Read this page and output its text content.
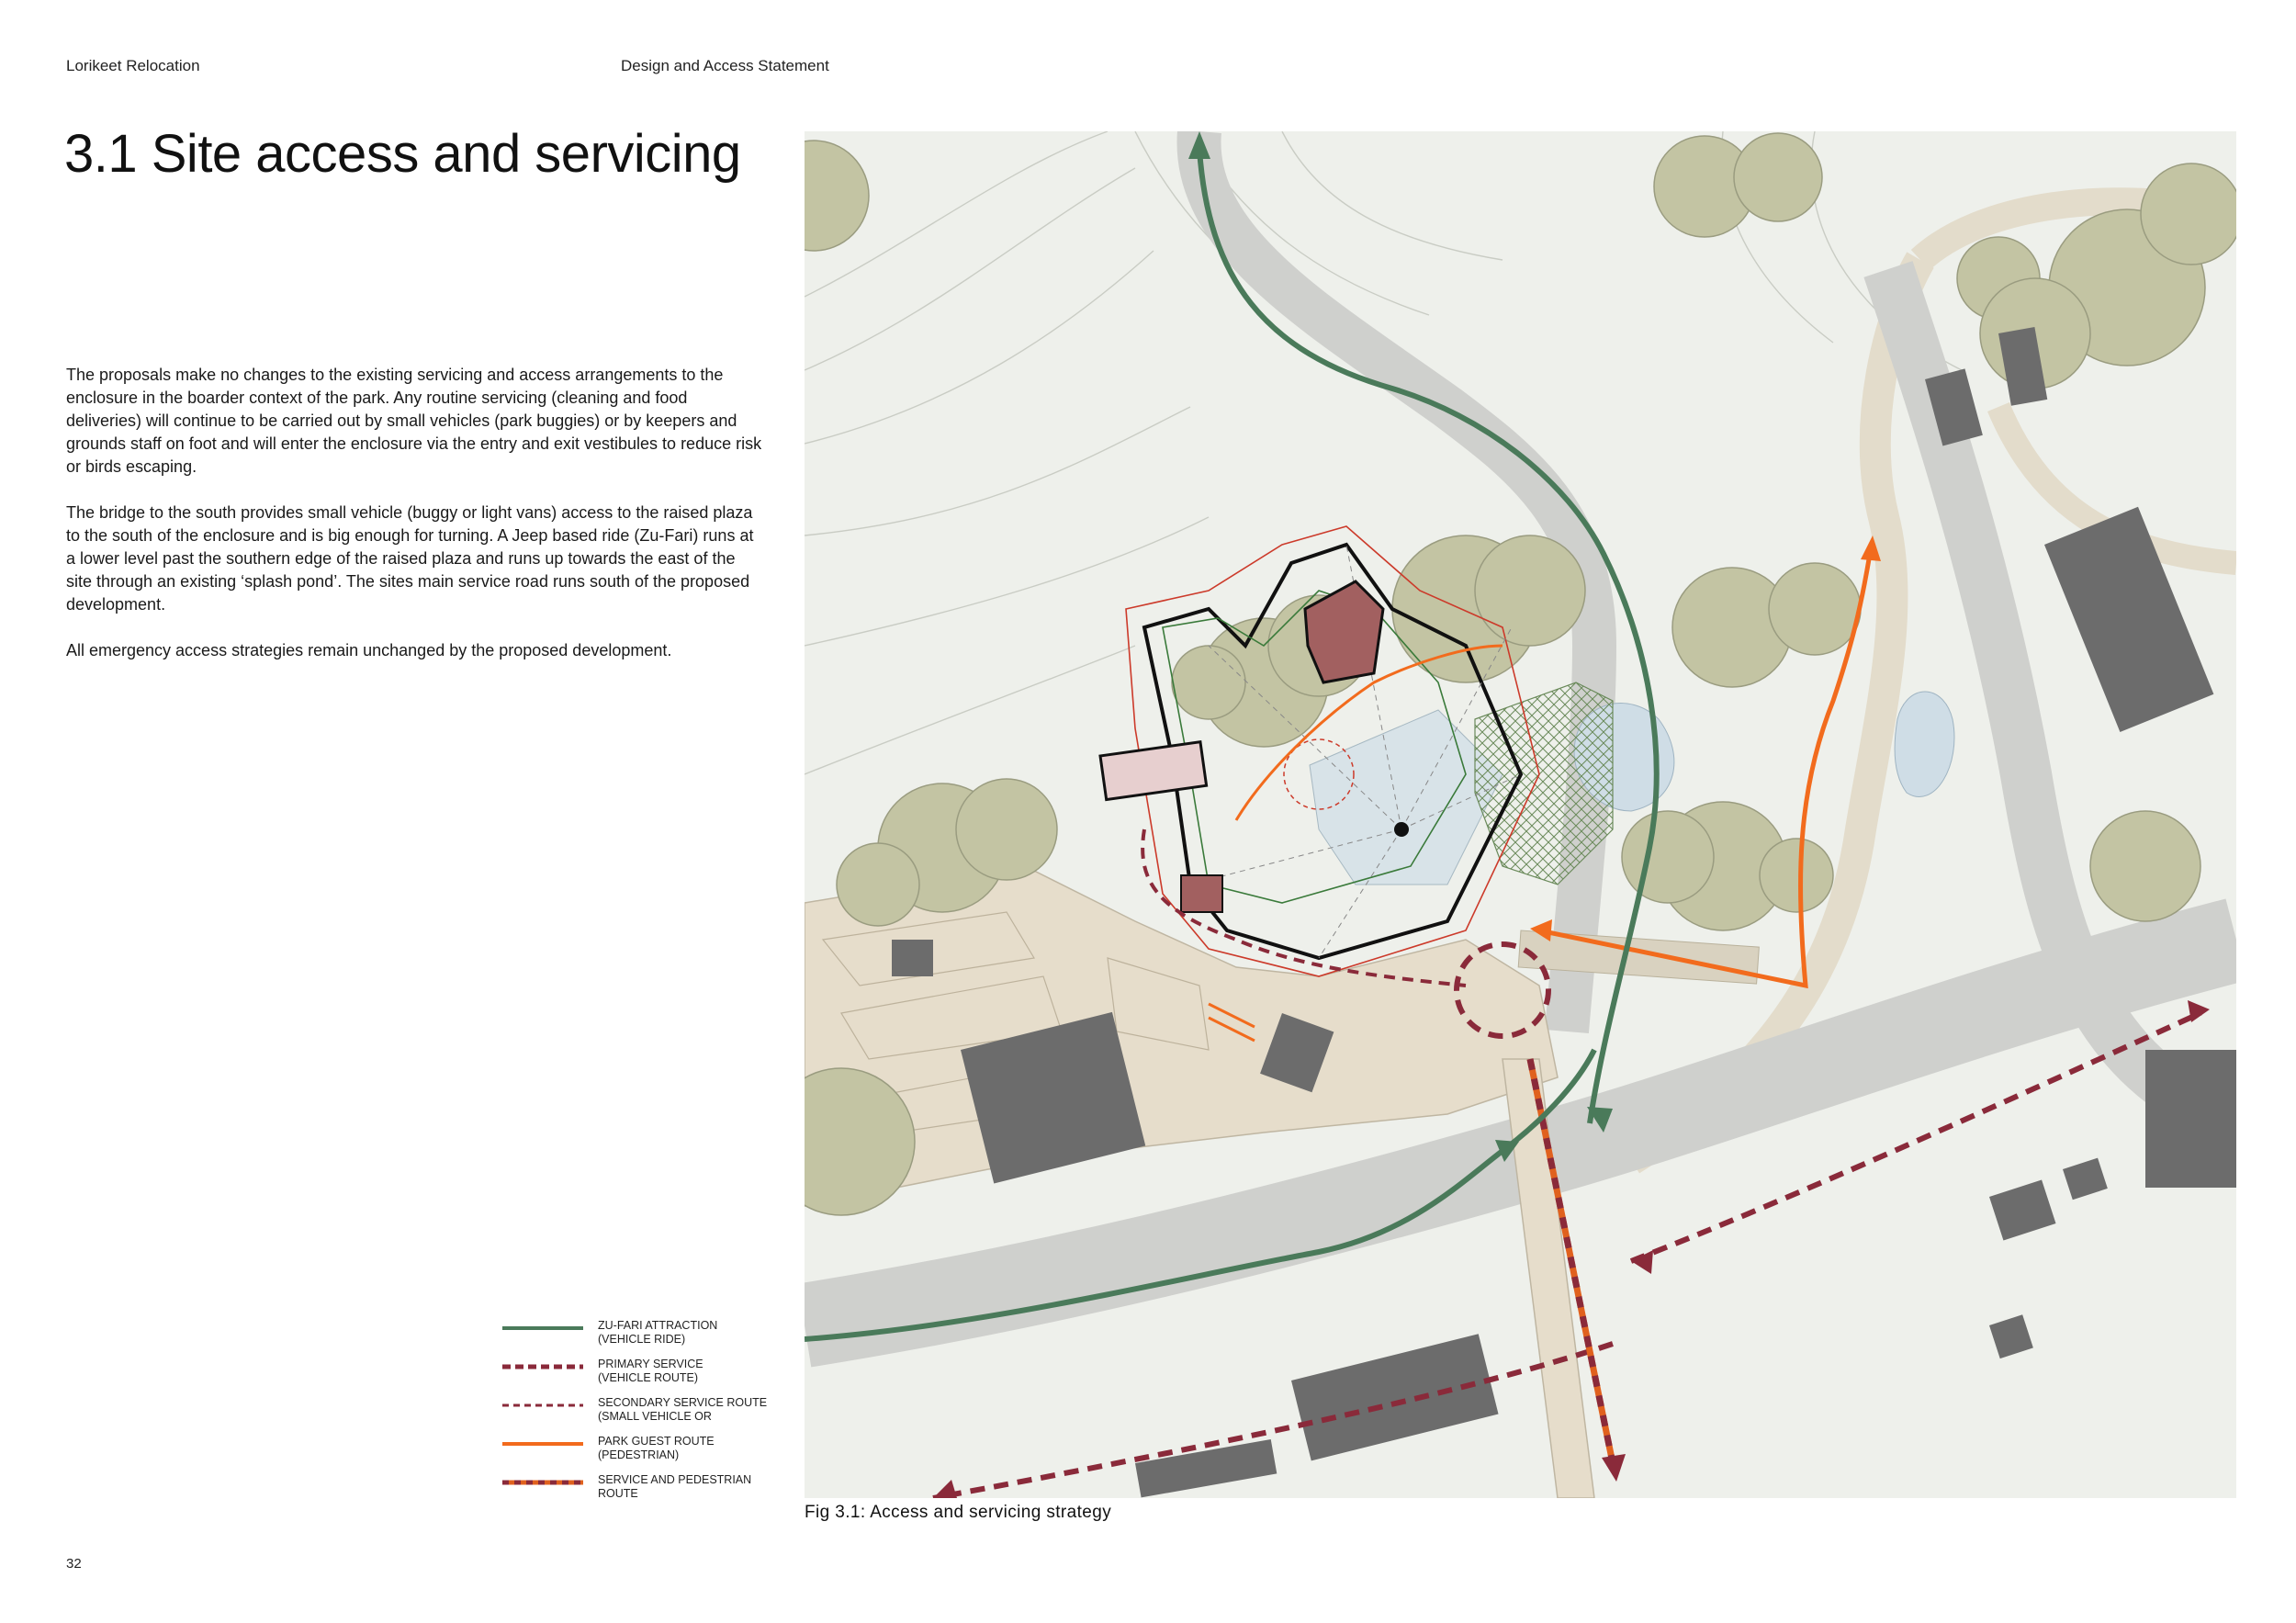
Lorikeet Relocation	Design and Access Statement
3.1 Site access and servicing

The proposals make no changes to the existing servicing and access arrangements to the enclosure in the boarder context of the park. Any routine servicing (cleaning and food deliveries) will continue to be carried out by small vehicles (park buggies) or by keepers and grounds staff on foot and will enter the enclosure via the entry and exit vestibules to reduce risk or birds escaping.

The bridge to the south provides small vehicle (buggy or light vans) access to the raised plaza to the south of the enclosure and is big enough for turning. A Jeep based ride (Zu-Fari) runs at a lower level past the southern edge of the raised plaza and runs up towards the east of the site through an existing ‘splash pond’. The sites main service road runs south of the proposed development.

All emergency access strategies remain unchanged by the proposed development.

ZU-FARI ATTRACTION
(VEHICLE RIDE)
PRIMARY SERVICE
(VEHICLE ROUTE)
SECONDARY SERVICE ROUTE
(SMALL VEHICLE OR
PARK GUEST ROUTE
(PEDESTRIAN)
SERVICE AND PEDESTRIAN
ROUTE
Fig 3.1: Access and servicing strategy
32
